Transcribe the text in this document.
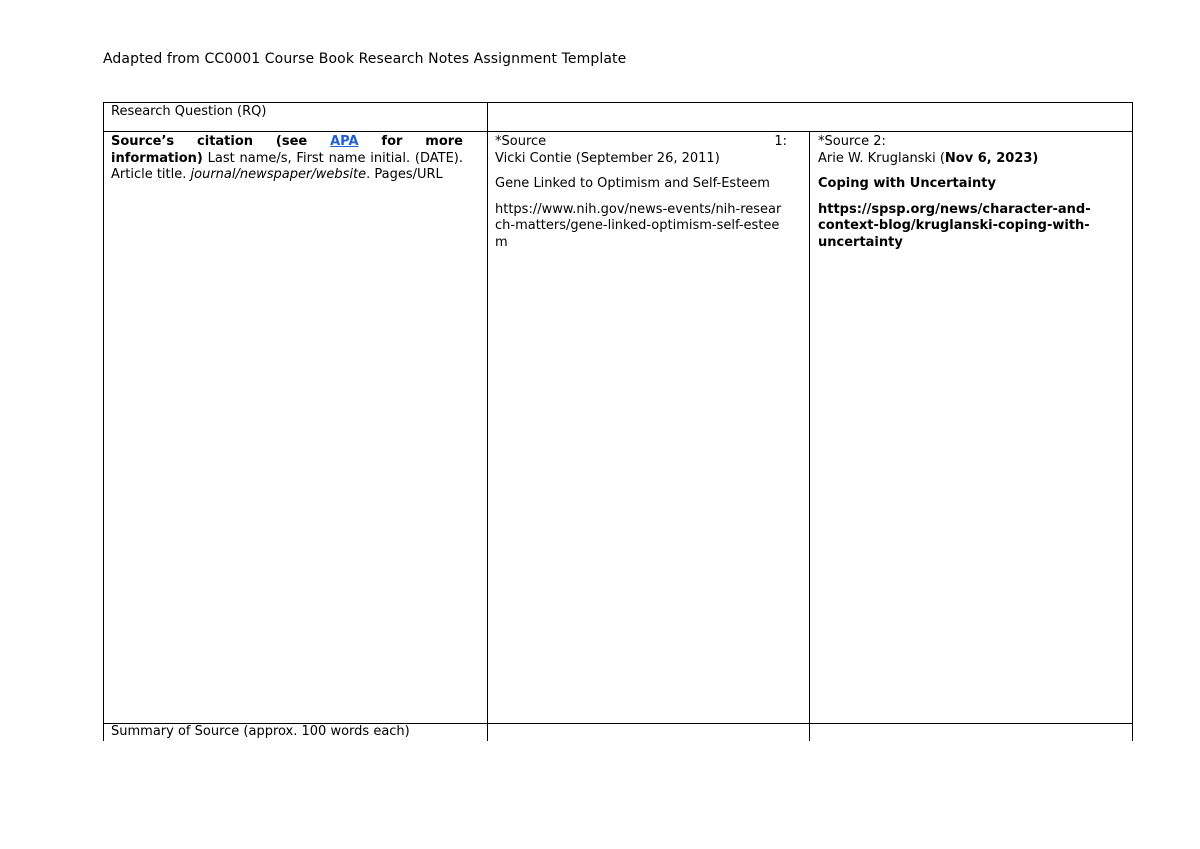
Adapted from CC0001 Course Book Research Notes Assignment Template
Research Question (RQ)
Source’s citation (see APA for more information) Last name/s, First name initial. (DATE). Article title. journal/newspaper/website. Pages/URL
*Source	1:
Vicki Contie (September 26, 2011)
Gene Linked to Optimism and Self-Esteem
https://www.nih.gov/news-events/nih-research-matters/gene-linked-optimism-self-esteem
*Source 2:
Arie W. Kruglanski (Nov 6, 2023)
Coping with Uncertainty
https://spsp.org/news/character-and-context-blog/kruglanski-coping-with-uncertainty
Summary of Source (approx. 100 words each)
